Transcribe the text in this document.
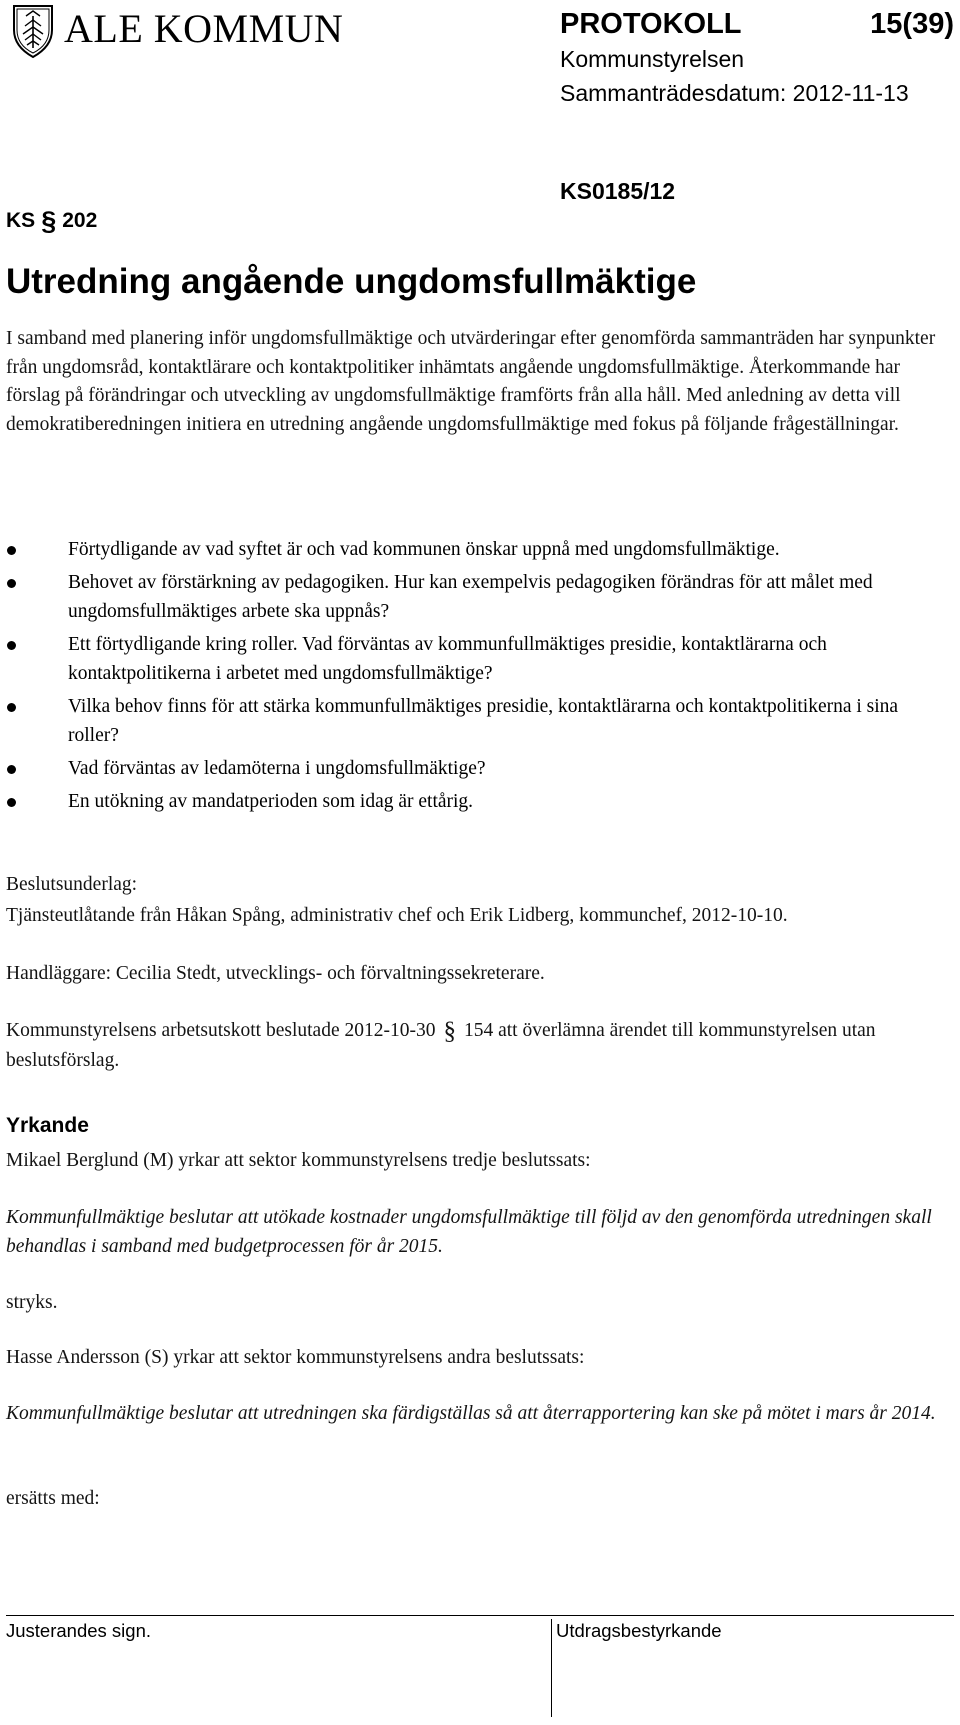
ALE KOMMUN	PROTOKOLL	15(39)
Kommunstyrelsen
Sammanträdesdatum: 2012-11-13
KS § 202
KS0185/12
Utredning angående ungdomsfullmäktige
I samband med planering inför ungdomsfullmäktige och utvärderingar efter genomförda sammanträden har synpunkter från ungdomsråd, kontaktlärare och kontaktpolitiker inhämtats angående ungdomsfullmäktige. Återkommande har förslag på förändringar och utveckling av ungdomsfullmäktige framförts från alla håll. Med anledning av detta vill demokratiberedningen initiera en utredning angående ungdomsfullmäktige med fokus på följande frågeställningar.
Förtydligande av vad syftet är och vad kommunen önskar uppnå med ungdomsfullmäktige.
Behovet av förstärkning av pedagogiken. Hur kan exempelvis pedagogiken förändras för att målet med ungdomsfullmäktiges arbete ska uppnås?
Ett förtydligande kring roller. Vad förväntas av kommunfullmäktiges presidie, kontaktlärarna och kontaktpolitikerna i arbetet med ungdomsfullmäktige?
Vilka behov finns för att stärka kommunfullmäktiges presidie, kontaktlärarna och kontaktpolitikerna i sina roller?
Vad förväntas av ledamöterna i ungdomsfullmäktige?
En utökning av mandatperioden som idag är ettårig.
Beslutsunderlag:
Tjänsteutlåtande från Håkan Spång, administrativ chef och Erik Lidberg, kommunchef, 2012-10-10.
Handläggare: Cecilia Stedt, utvecklings- och förvaltningssekreterare.
Kommunstyrelsens arbetsutskott beslutade 2012-10-30 § 154 att överlämna ärendet till kommunstyrelsen utan beslutsförslag.
Yrkande
Mikael Berglund (M) yrkar att sektor kommunstyrelsens tredje beslutssats:
Kommunfullmäktige beslutar att utökade kostnader ungdomsfullmäktige till följd av den genomförda utredningen skall behandlas i samband med budgetprocessen för år 2015.
stryks.
Hasse Andersson (S) yrkar att sektor kommunstyrelsens andra beslutssats:
Kommunfullmäktige beslutar att utredningen ska färdigställas så att återrapportering kan ske på mötet i mars år 2014.
ersätts med:
Justerandes sign.	Utdragsbestyrkande
